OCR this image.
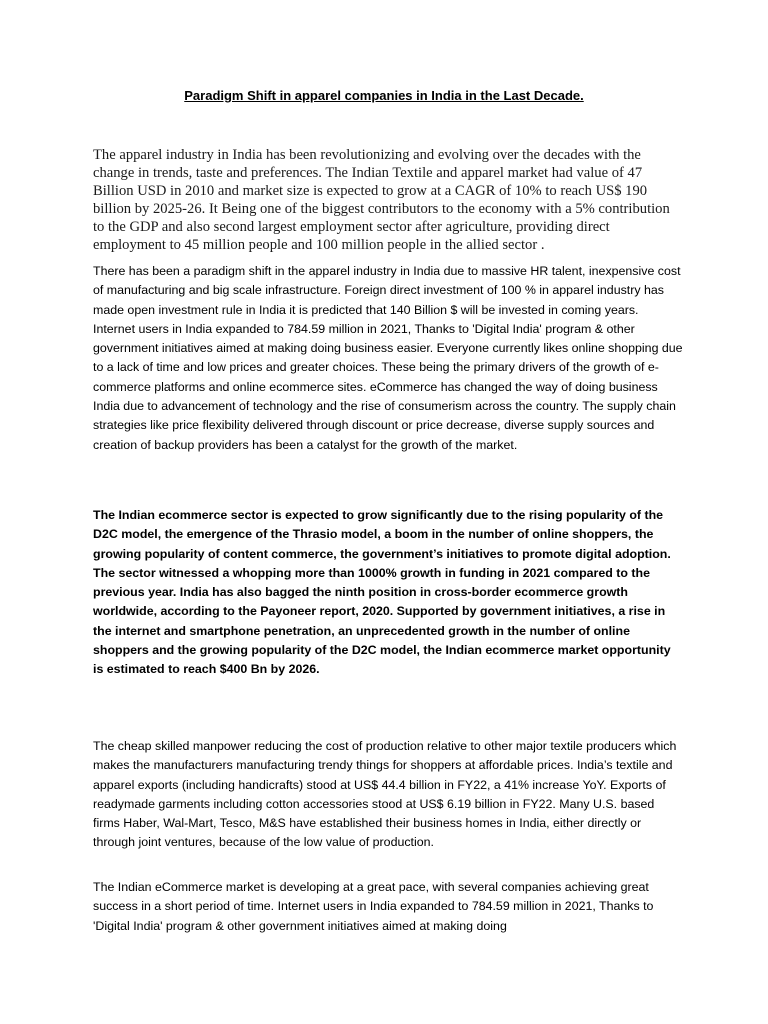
Paradigm Shift in apparel companies in India in the Last Decade.

The apparel industry in India has been revolutionizing and evolving over the decades with the change in trends, taste and preferences. The Indian Textile and apparel market had value of 47 Billion USD in 2010 and market size is expected to grow at a CAGR of 10% to reach US$ 190 billion by 2025-26. It Being one of the biggest contributors to the economy with a 5% contribution to the GDP and also second largest employment sector after agriculture, providing direct employment to 45 million people and 100 million people in the allied sector .

There has been a paradigm shift in the apparel industry in India due to massive HR talent, inexpensive cost of manufacturing and big scale infrastructure. Foreign direct investment of 100 % in apparel industry has made open investment rule in India it is predicted that 140 Billion $ will be invested in coming years. Internet users in India expanded to 784.59 million in 2021, Thanks to 'Digital India' program & other government initiatives aimed at making doing business easier. Everyone currently likes online shopping due to a lack of time and low prices and greater choices. These being the primary drivers of the growth of e-commerce platforms and online ecommerce sites. eCommerce has changed the way of doing business India due to advancement of technology and the rise of consumerism across the country. The supply chain strategies like price flexibility delivered through discount or price decrease, diverse supply sources and creation of backup providers has been a catalyst for the growth of the market.

The Indian ecommerce sector is expected to grow significantly due to the rising popularity of the D2C model, the emergence of the Thrasio model, a boom in the number of online shoppers, the growing popularity of content commerce, the government’s initiatives to promote digital adoption. The sector witnessed a whopping more than 1000% growth in funding in 2021 compared to the previous year. India has also bagged the ninth position in cross-border ecommerce growth worldwide, according to the Payoneer report, 2020. Supported by government initiatives, a rise in the internet and smartphone penetration, an unprecedented growth in the number of online shoppers and the growing popularity of the D2C model, the Indian ecommerce market opportunity is estimated to reach $400 Bn by 2026.

The cheap skilled manpower reducing the cost of production relative to other major textile producers which makes the manufacturers manufacturing trendy things for shoppers at affordable prices. India’s textile and apparel exports (including handicrafts) stood at US$ 44.4 billion in FY22, a 41% increase YoY. Exports of readymade garments including cotton accessories stood at US$ 6.19 billion in FY22. Many U.S. based firms Haber, Wal-Mart, Tesco, M&S have established their business homes in India, either directly or through joint ventures, because of the low value of production.

The Indian eCommerce market is developing at a great pace, with several companies achieving great success in a short period of time. Internet users in India expanded to 784.59 million in 2021, Thanks to 'Digital India' program & other government initiatives aimed at making doing
